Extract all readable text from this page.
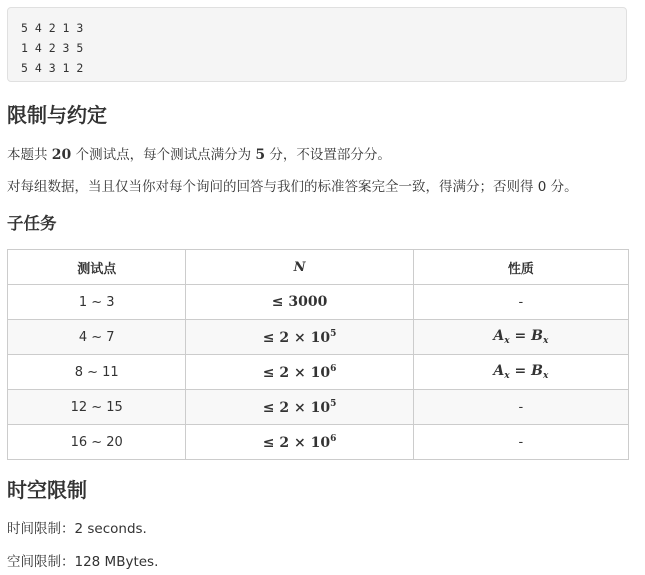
5 4 2 1 3
1 4 2 3 5
5 4 3 1 2
限制与约定

本题共 20 个测试点，每个测试点满分为 5 分，不设置部分分。

对每组数据，当且仅当你对每个询问的回答与我们的标准答案完全一致，得满分；否则得 0 分。

子任务
测试点	N	性质
1 ~ 3	≤ 3000	-
4 ~ 7	≤ $2 \times 10^5$	$A_x = B_x$
8 ~ 11	≤ $2 \times 10^6$	$A_x = B_x$
12 ~ 15	≤ $2 \times 10^5$	-
16 ~ 20	≤ $2 \times 10^6$	-
时空限制

时间限制：2 seconds.

空间限制：128 MBytes.
